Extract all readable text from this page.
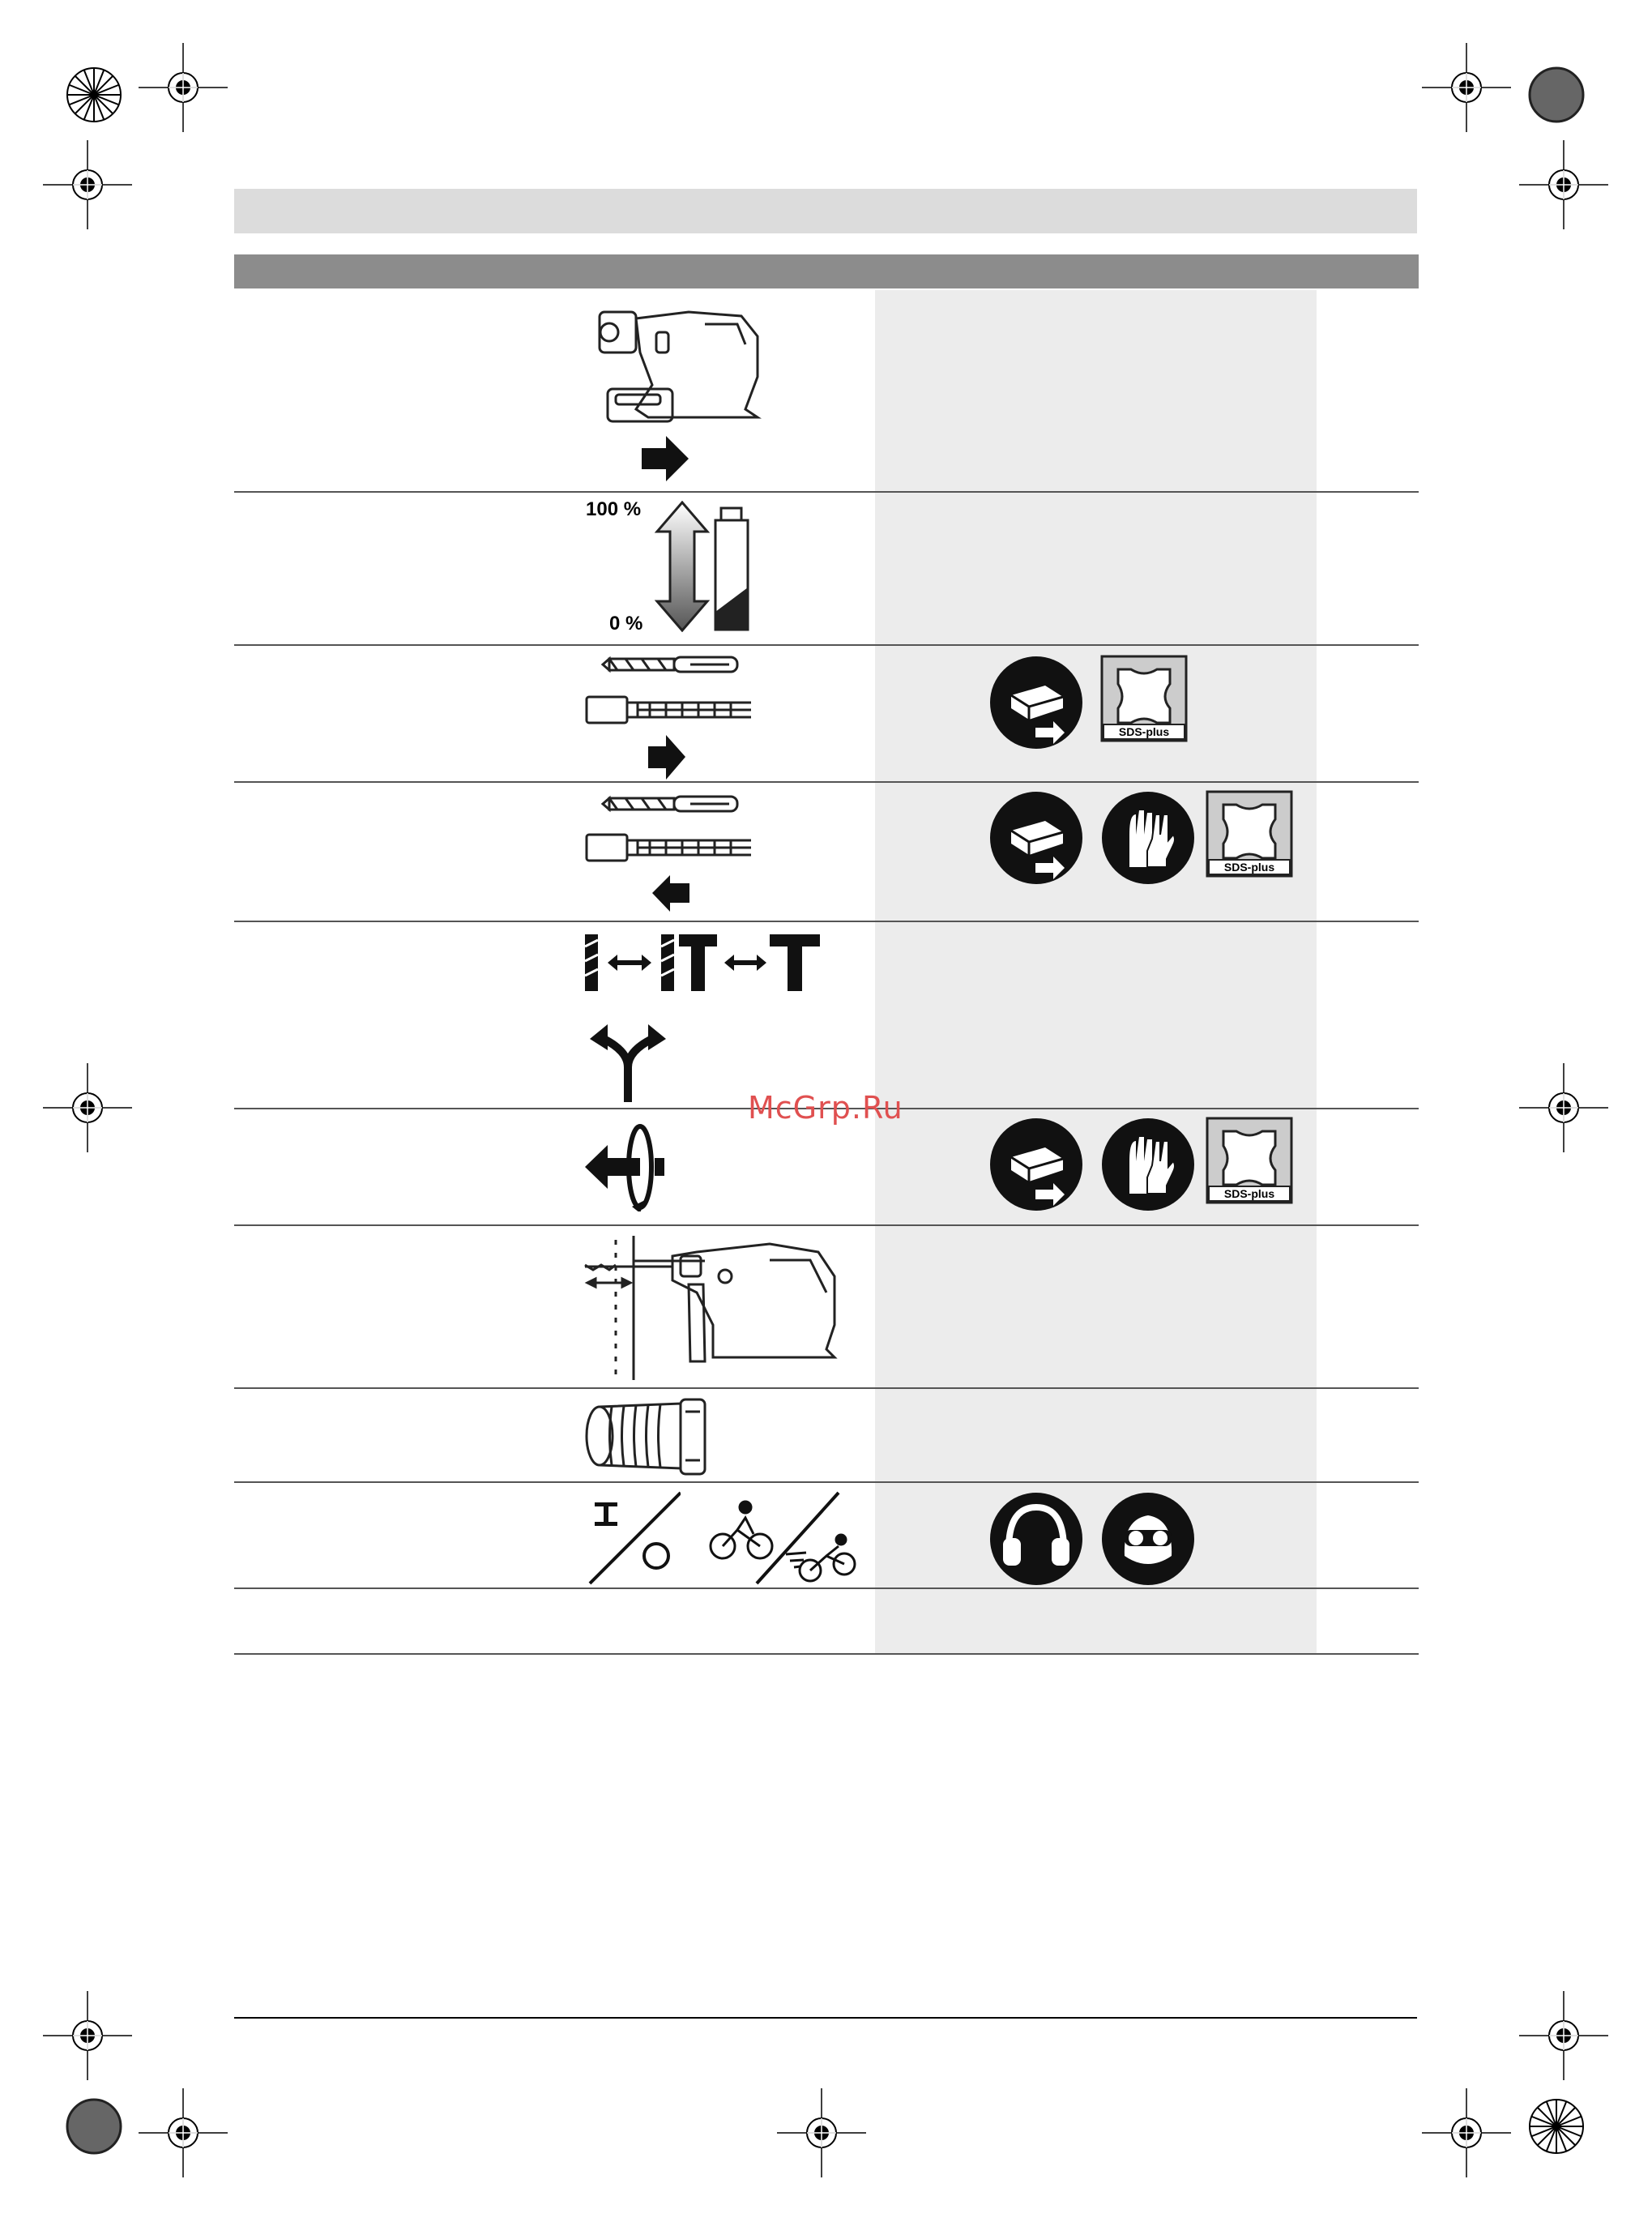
100 %
0 %
SDS-plus
SDS-plus
McGrp.Ru
SDS-plus
